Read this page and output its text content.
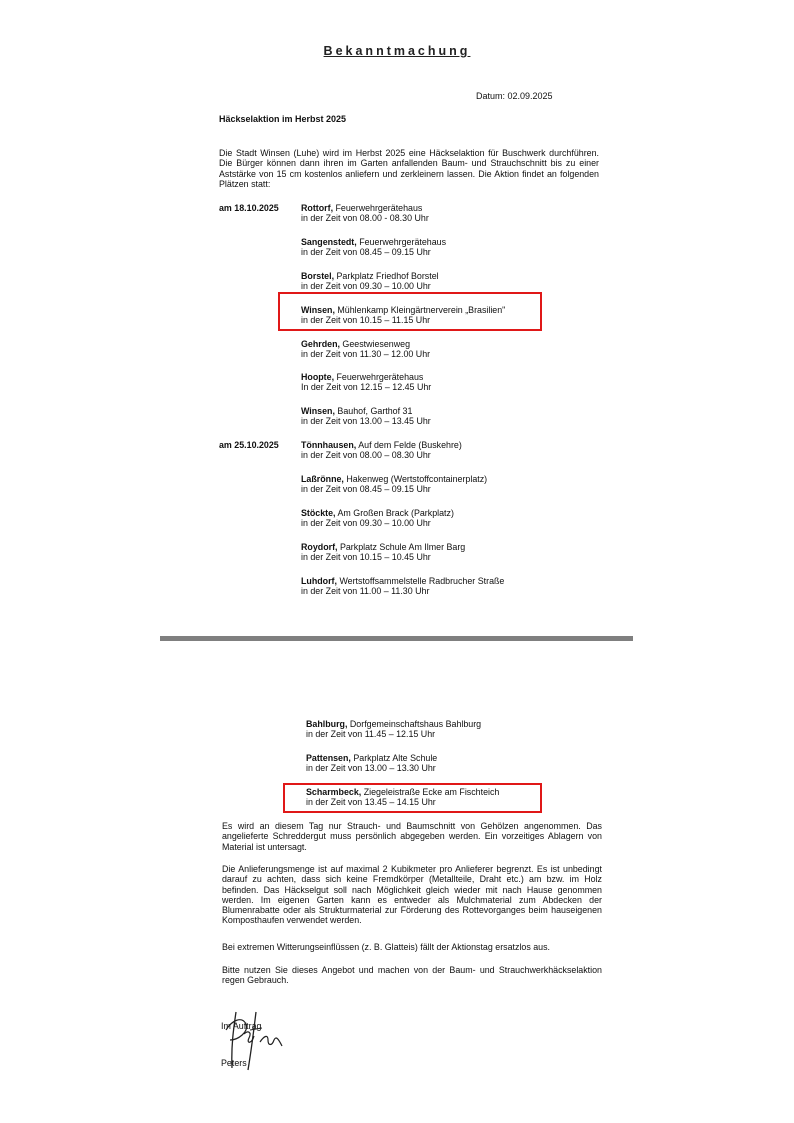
Bekanntmachung
Datum: 02.09.2025
Häckselaktion im Herbst 2025
Die Stadt Winsen (Luhe) wird im Herbst 2025 eine Häckselaktion für Buschwerk durchführen. Die Bürger können dann ihren im Garten anfallenden Baum- und Strauchschnitt bis zu einer Aststärke von 15 cm kostenlos anliefern und zerkleinern lassen. Die Aktion findet an folgenden Plätzen statt:
am 18.10.2025	Rottorf, Feuerwehrgerätehaus
in der Zeit von 08.00 - 08.30 Uhr
Sangenstedt, Feuerwehrgerätehaus
in der Zeit von 08.45 – 09.15 Uhr
Borstel, Parkplatz Friedhof Borstel
in der Zeit von 09.30 – 10.00 Uhr
Winsen, Mühlenkamp Kleingärtnerverein „Brasilien"
in der Zeit von 10.15 – 11.15 Uhr
Gehrden, Geestwiesenweg
in der Zeit von 11.30 – 12.00 Uhr
Hoopte, Feuerwehrgerätehaus
In der Zeit von 12.15 – 12.45 Uhr
Winsen, Bauhof, Garthof 31
in der Zeit von 13.00 – 13.45 Uhr
am 25.10.2025	Tönnhausen, Auf dem Felde (Buskehre)
in der Zeit von 08.00 – 08.30 Uhr
Laßrönne, Hakenweg (Wertstoffcontainerplatz)
in der Zeit von 08.45 – 09.15 Uhr
Stöckte, Am Großen Brack (Parkplatz)
in der Zeit von 09.30 – 10.00 Uhr
Roydorf, Parkplatz Schule Am Ilmer Barg
in der Zeit von 10.15 – 10.45 Uhr
Luhdorf, Wertstoffsammelstelle Radbrucher Straße
in der Zeit von 11.00 – 11.30 Uhr
Bahlburg, Dorfgemeinschaftshaus Bahlburg
in der Zeit von 11.45 – 12.15 Uhr
Pattensen, Parkplatz Alte Schule
in der Zeit von 13.00 – 13.30 Uhr
Scharmbeck, Ziegeleistraße Ecke am Fischteich
in der Zeit von 13.45 – 14.15 Uhr
Es wird an diesem Tag nur Strauch- und Baumschnitt von Gehölzen angenommen. Das angelieferte Schreddergut muss persönlich abgegeben werden. Ein vorzeitiges Ablagern von Material ist untersagt.
Die Anlieferungsmenge ist auf maximal 2 Kubikmeter pro Anlieferer begrenzt. Es ist unbedingt darauf zu achten, dass sich keine Fremdkörper (Metallteile, Draht etc.) am bzw. im Holz befinden. Das Häckselgut soll nach Möglichkeit gleich wieder mit nach Hause genommen werden. Im eigenen Garten kann es entweder als Mulchmaterial zum Abdecken der Blumenrabatte oder als Strukturmaterial zur Förderung des Rottevorganges beim hauseigenen Komposthaufen verwendet werden.
Bei extremen Witterungseinflüssen (z. B. Glatteis) fällt der Aktionstag ersatzlos aus.
Bitte nutzen Sie dieses Angebot und machen von der Baum- und Strauchwerkhäckselaktion regen Gebrauch.
Im Auftrag
Peters
